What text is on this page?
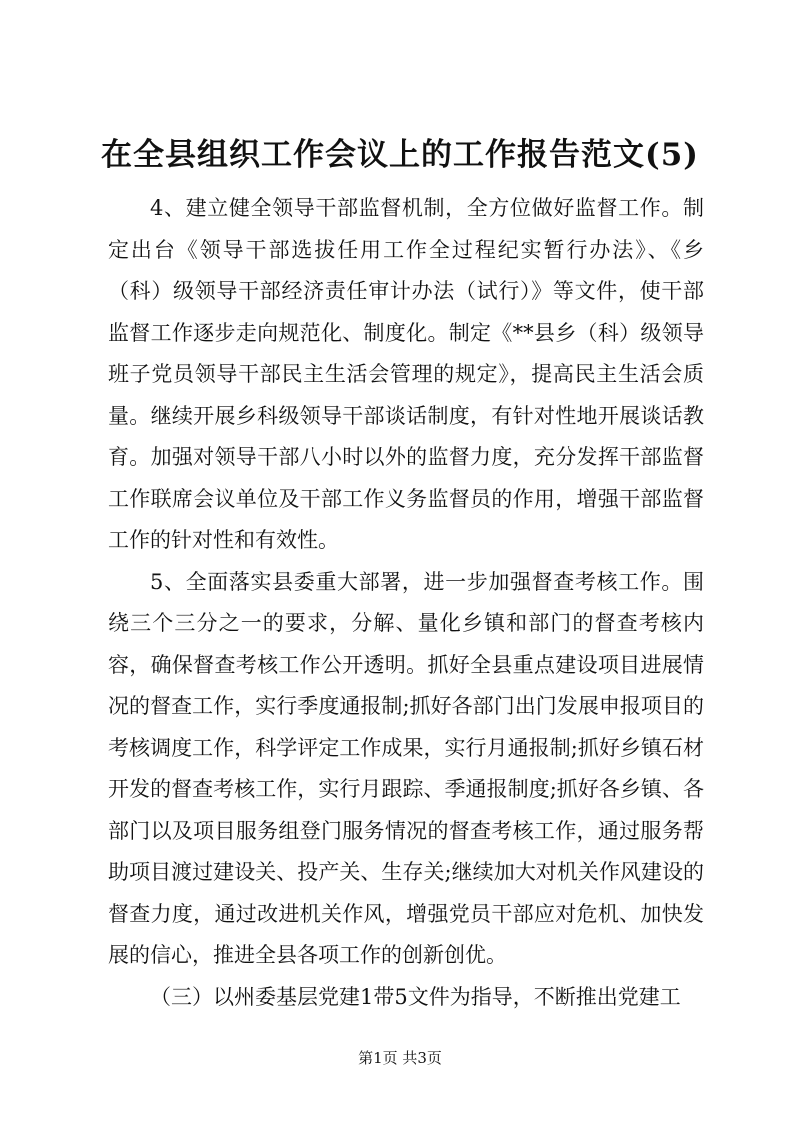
在全县组织工作会议上的工作报告范文(5)

4、建立健全领导干部监督机制，全方位做好监督工作。制定出台《领导干部选拔任用工作全过程纪实暂行办法》、《乡（科）级领导干部经济责任审计办法（试行）》等文件，使干部监督工作逐步走向规范化、制度化。制定《**县乡（科）级领导班子党员领导干部民主生活会管理的规定》，提高民主生活会质量。继续开展乡科级领导干部谈话制度，有针对性地开展谈话教育。加强对领导干部八小时以外的监督力度，充分发挥干部监督工作联席会议单位及干部工作义务监督员的作用，增强干部监督工作的针对性和有效性。

5、全面落实县委重大部署，进一步加强督查考核工作。围绕三个三分之一的要求，分解、量化乡镇和部门的督查考核内容，确保督查考核工作公开透明。抓好全县重点建设项目进展情况的督查工作，实行季度通报制;抓好各部门出门发展申报项目的考核调度工作，科学评定工作成果，实行月通报制;抓好乡镇石材开发的督查考核工作，实行月跟踪、季通报制度;抓好各乡镇、各部门以及项目服务组登门服务情况的督查考核工作，通过服务帮助项目渡过建设关、投产关、生存关;继续加大对机关作风建设的督查力度，通过改进机关作风，增强党员干部应对危机、加快发展的信心，推进全县各项工作的创新创优。

（三）以州委基层党建1带5文件为指导，不断推出党建工

第1页 共3页
